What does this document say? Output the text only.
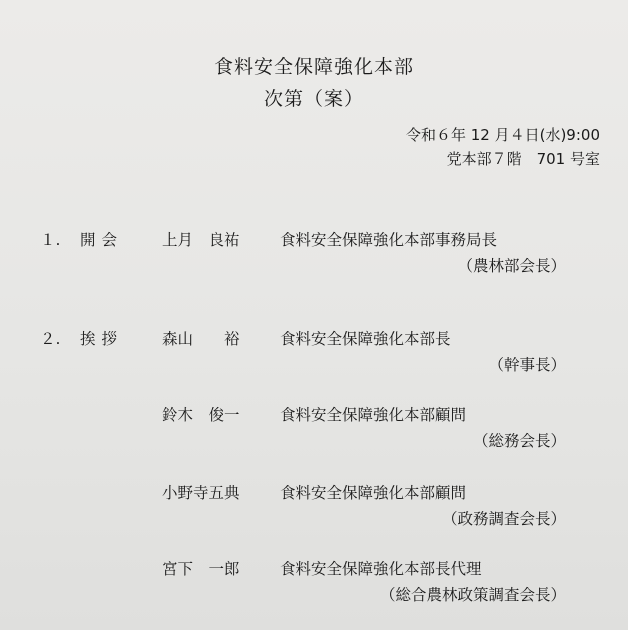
食料安全保障強化本部
次第（案）
令和６年 12 月４日(水)9:00
党本部７階　701 号室
１. 開会	上月　良祐	食料安全保障強化本部事務局長
（農林部会長）
２. 挨拶	森山　　裕	食料安全保障強化本部長
（幹事長）
鈴木　俊一	食料安全保障強化本部顧問
（総務会長）
小野寺五典	食料安全保障強化本部顧問
（政務調査会長）
宮下　一郎	食料安全保障強化本部長代理
（総合農林政策調査会長）
